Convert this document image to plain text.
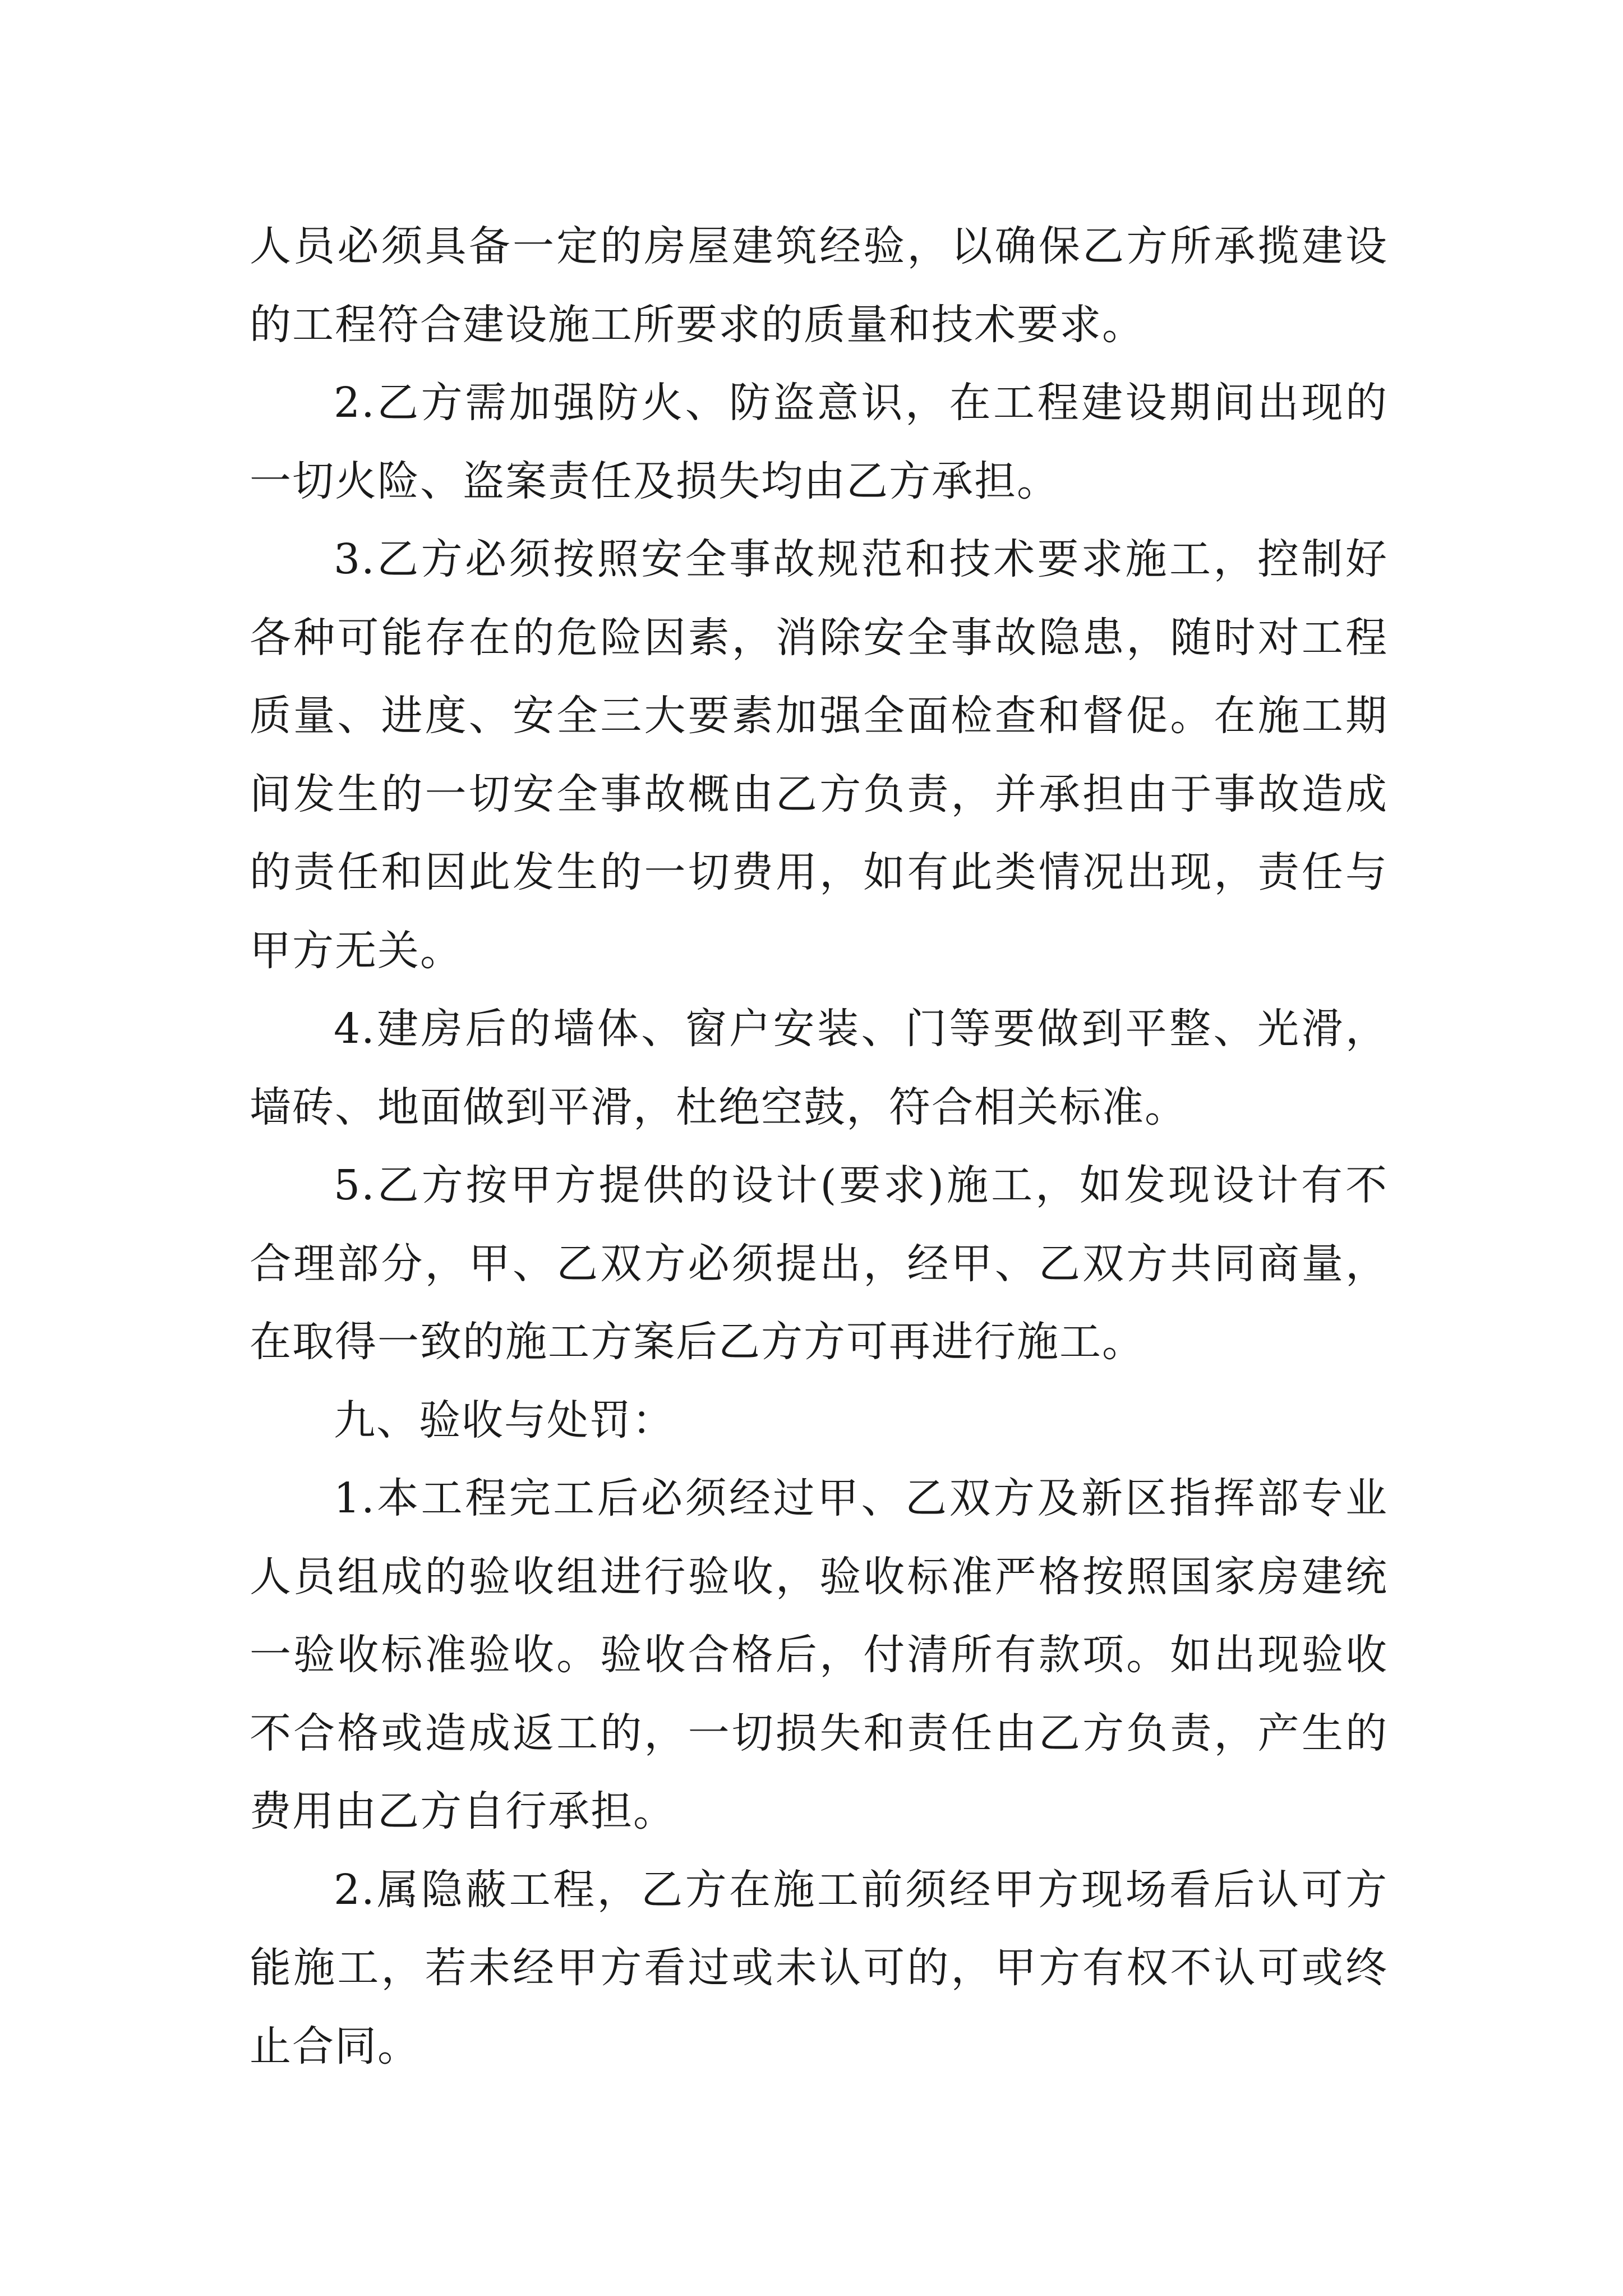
人员必须具备一定的房屋建筑经验，以确保乙方所承揽建设
的工程符合建设施工所要求的质量和技术要求。
2.乙方需加强防火、防盗意识，在工程建设期间出现的
一切火险、盗案责任及损失均由乙方承担。
3.乙方必须按照安全事故规范和技术要求施工，控制好
各种可能存在的危险因素，消除安全事故隐患，随时对工程
质量、进度、安全三大要素加强全面检查和督促。在施工期
间发生的一切安全事故概由乙方负责，并承担由于事故造成
的责任和因此发生的一切费用，如有此类情况出现，责任与
甲方无关。
4.建房后的墙体、窗户安装、门等要做到平整、光滑，
墙砖、地面做到平滑，杜绝空鼓，符合相关标准。
5.乙方按甲方提供的设计(要求)施工，如发现设计有不
合理部分，甲、乙双方必须提出，经甲、乙双方共同商量，
在取得一致的施工方案后乙方方可再进行施工。
九、验收与处罚：
1.本工程完工后必须经过甲、乙双方及新区指挥部专业
人员组成的验收组进行验收，验收标准严格按照国家房建统
一验收标准验收。验收合格后，付清所有款项。如出现验收
不合格或造成返工的，一切损失和责任由乙方负责，产生的
费用由乙方自行承担。
2.属隐蔽工程，乙方在施工前须经甲方现场看后认可方
能施工，若未经甲方看过或未认可的，甲方有权不认可或终
止合同。
